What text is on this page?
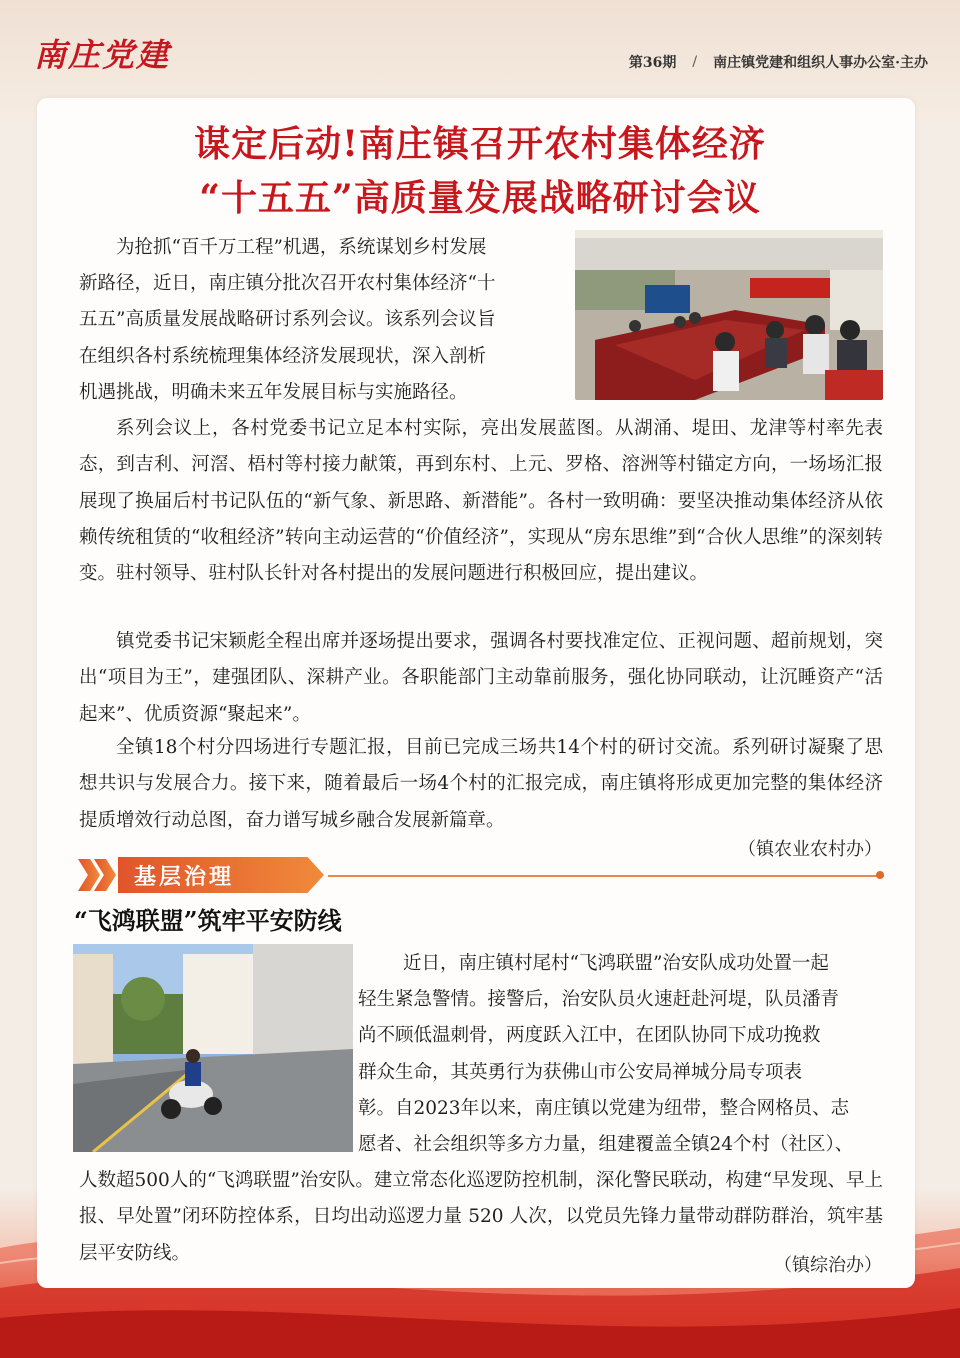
南庄党建	第36期 / 南庄镇党建和组织人事办公室·主办
谋定后动!南庄镇召开农村集体经济
“十五五”高质量发展战略研讨会议
为抢抓“百千万工程”机遇，系统谋划乡村发展
新路径，近日，南庄镇分批次召开农村集体经济“十
五五”高质量发展战略研讨系列会议。该系列会议旨
在组织各村系统梳理集体经济发展现状，深入剖析
机遇挑战，明确未来五年发展目标与实施路径。
系列会议上，各村党委书记立足本村实际，亮出发展蓝图。从湖涌、堤田、龙津等村率先表态，到吉利、河滘、梧村等村接力献策，再到东村、上元、罗格、溶洲等村锚定方向，一场场汇报展现了换届后村书记队伍的“新气象、新思路、新潜能”。各村一致明确：要坚决推动集体经济从依赖传统租赁的“收租经济”转向主动运营的“价值经济”，实现从“房东思维”到“合伙人思维”的深刻转变。驻村领导、驻村队长针对各村提出的发展问题进行积极回应，提出建议。
镇党委书记宋颖彪全程出席并逐场提出要求，强调各村要找准定位、正视问题、超前规划，突出“项目为王”，建强团队、深耕产业。各职能部门主动靠前服务，强化协同联动，让沉睡资产“活起来”、优质资源“聚起来”。
全镇18个村分四场进行专题汇报，目前已完成三场共14个村的研讨交流。系列研讨凝聚了思想共识与发展合力。接下来，随着最后一场4个村的汇报完成，南庄镇将形成更加完整的集体经济提质增效行动总图，奋力谱写城乡融合发展新篇章。
（镇农业农村办）
基层治理
“飞鸿联盟”筑牢平安防线
近日，南庄镇村尾村“飞鸿联盟”治安队成功处置一起
轻生紧急警情。接警后，治安队员火速赶赴河堤，队员潘青
尚不顾低温刺骨，两度跃入江中，在团队协同下成功挽救
群众生命，其英勇行为获佛山市公安局禅城分局专项表
彰。自2023年以来，南庄镇以党建为纽带，整合网格员、志
愿者、社会组织等多方力量，组建覆盖全镇24个村（社区）、
人数超500人的“飞鸿联盟”治安队。建立常态化巡逻防控机制，深化警民联动，构建“早发现、早上报、早处置”闭环防控体系，日均出动巡逻力量 520 人次，以党员先锋力量带动群防群治，筑牢基层平安防线。
（镇综治办）
